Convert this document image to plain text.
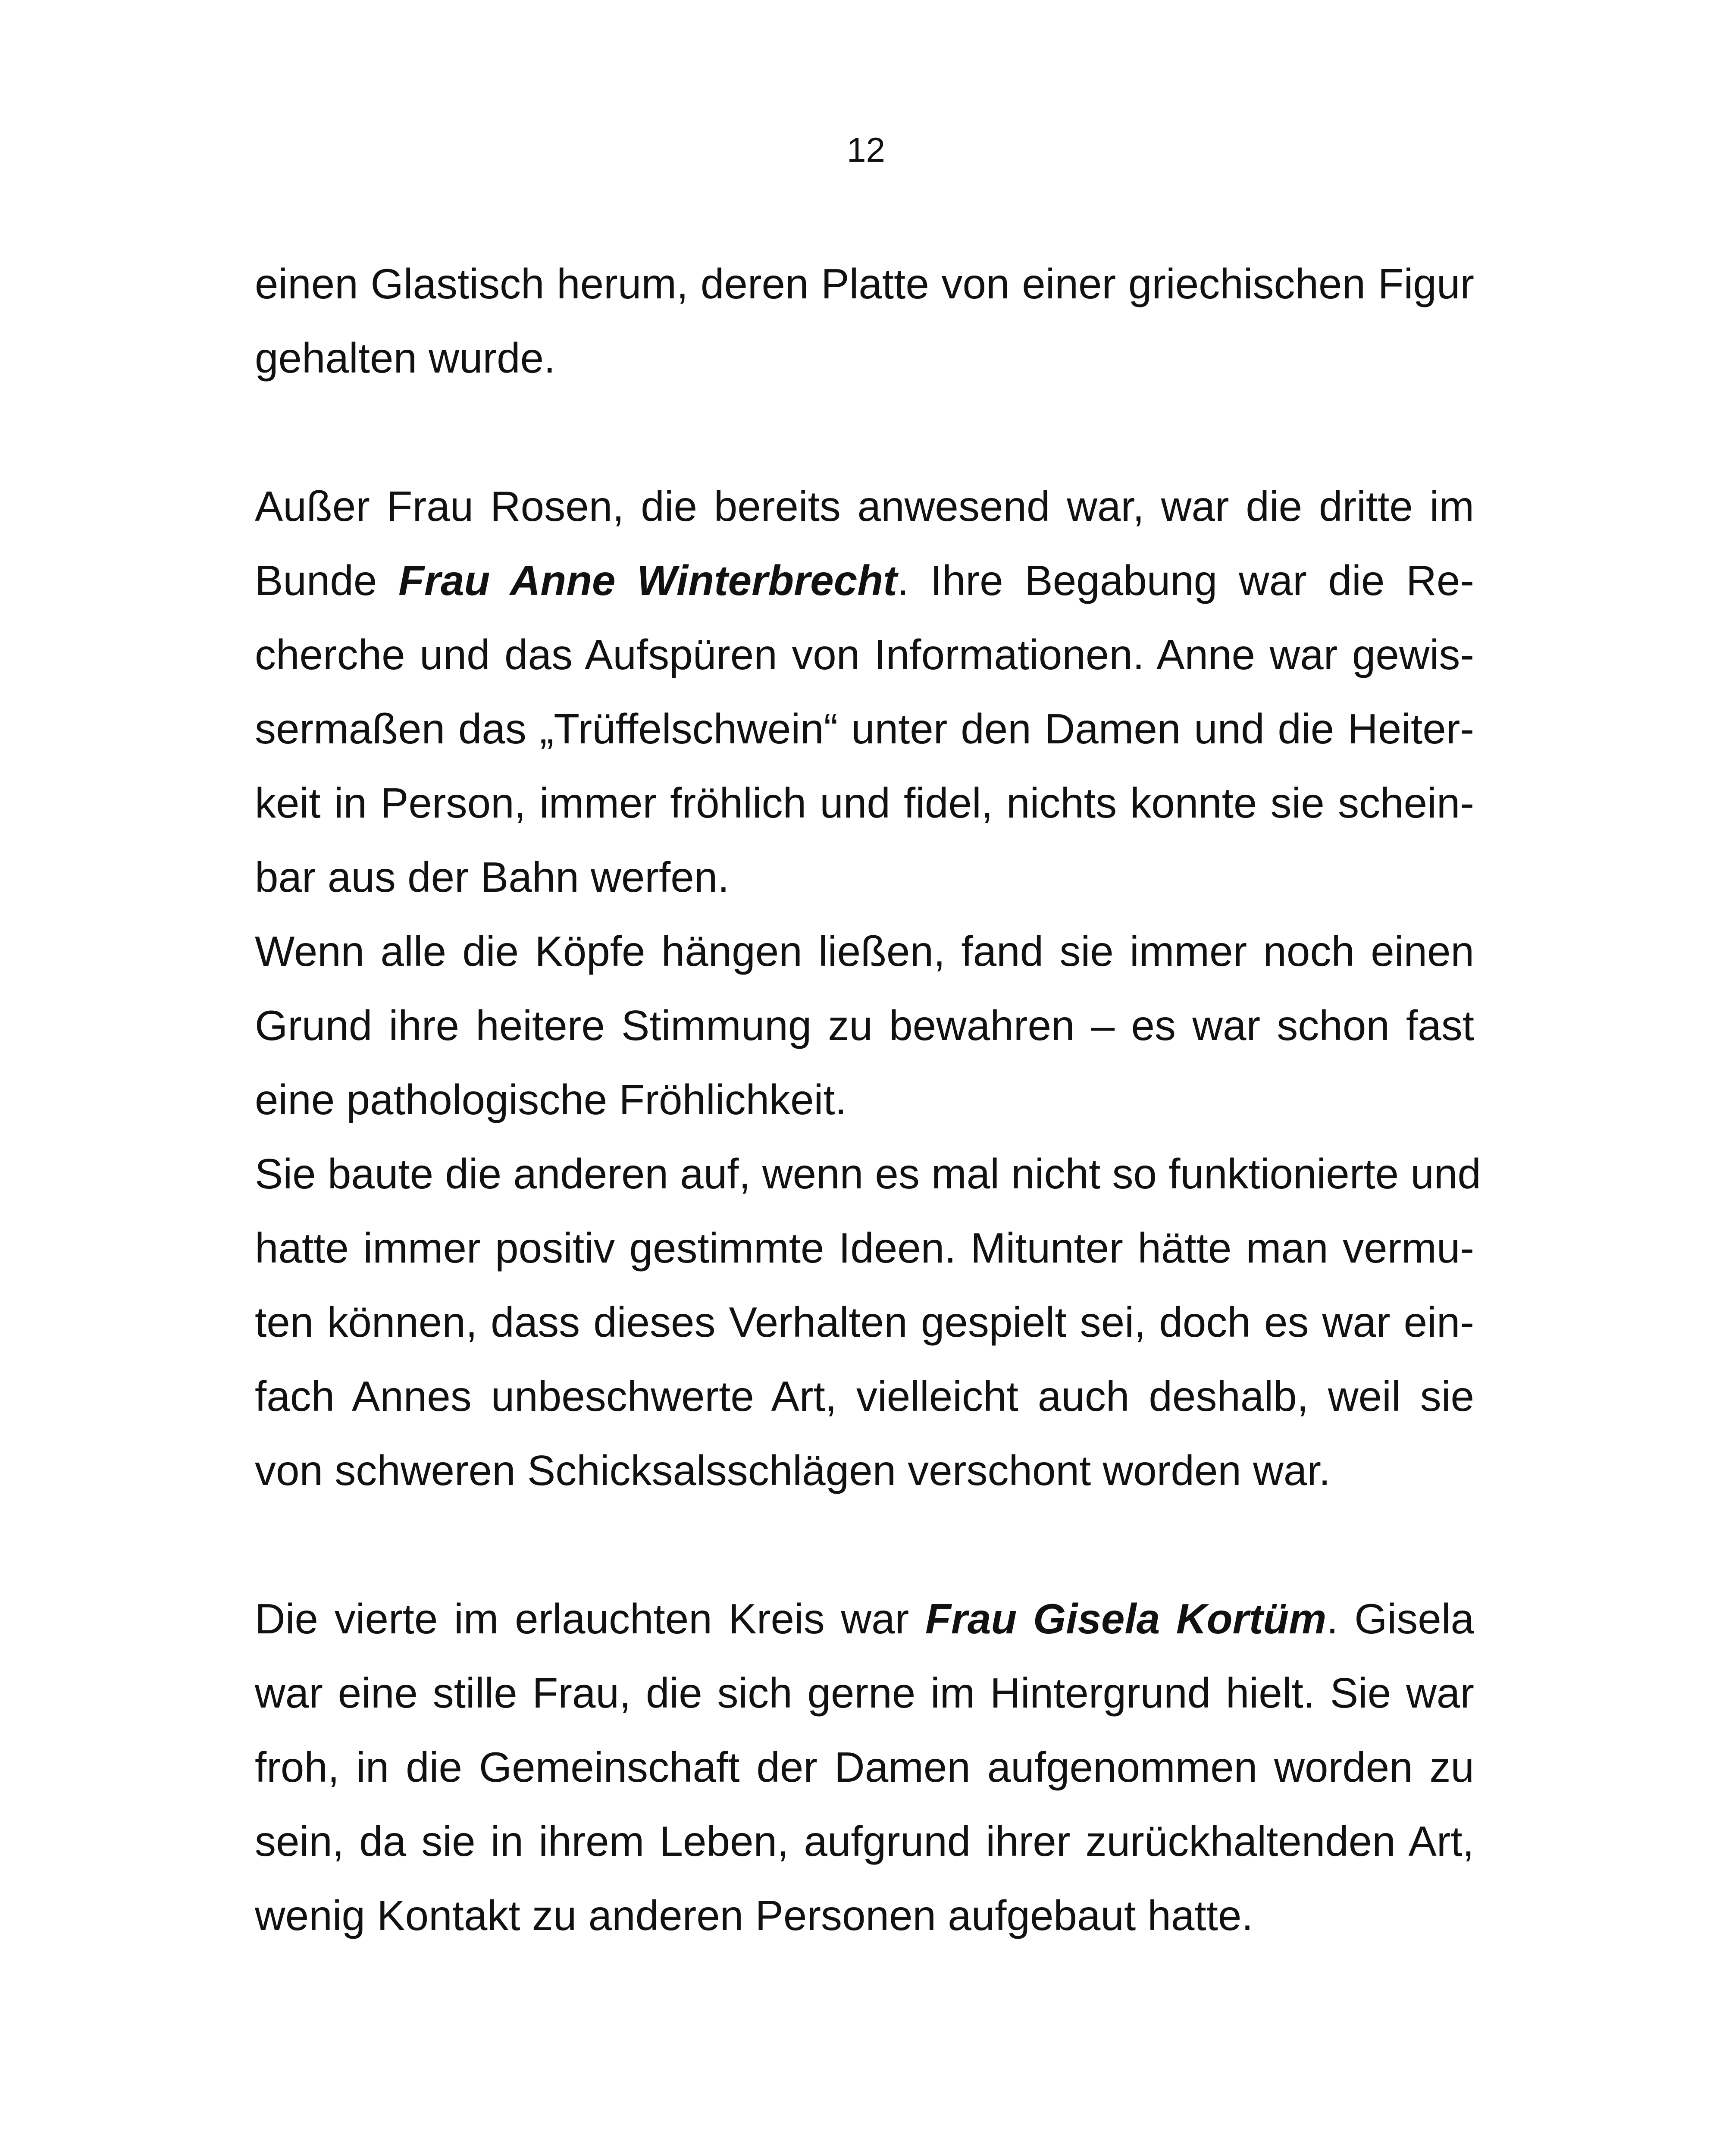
12

einen Glastisch herum, deren Platte von einer griechischen Figur
gehalten wurde.

Außer Frau Rosen, die bereits anwesend war, war die dritte im
Bunde Frau Anne Winterbrecht. Ihre Begabung war die Re-
cherche und das Aufspüren von Informationen. Anne war gewis-
sermaßen das „Trüffelschwein“ unter den Damen und die Heiter-
keit in Person, immer fröhlich und fidel, nichts konnte sie schein-
bar aus der Bahn werfen.

Wenn alle die Köpfe hängen ließen, fand sie immer noch einen
Grund ihre heitere Stimmung zu bewahren – es war schon fast
eine pathologische Fröhlichkeit.

Sie baute die anderen auf, wenn es mal nicht so funktionierte und
hatte immer positiv gestimmte Ideen. Mitunter hätte man vermu-
ten können, dass dieses Verhalten gespielt sei, doch es war ein-
fach Annes unbeschwerte Art, vielleicht auch deshalb, weil sie
von schweren Schicksalsschlägen verschont worden war.

Die vierte im erlauchten Kreis war Frau Gisela Kortüm. Gisela
war eine stille Frau, die sich gerne im Hintergrund hielt. Sie war
froh, in die Gemeinschaft der Damen aufgenommen worden zu
sein, da sie in ihrem Leben, aufgrund ihrer zurückhaltenden Art,
wenig Kontakt zu anderen Personen aufgebaut hatte.
